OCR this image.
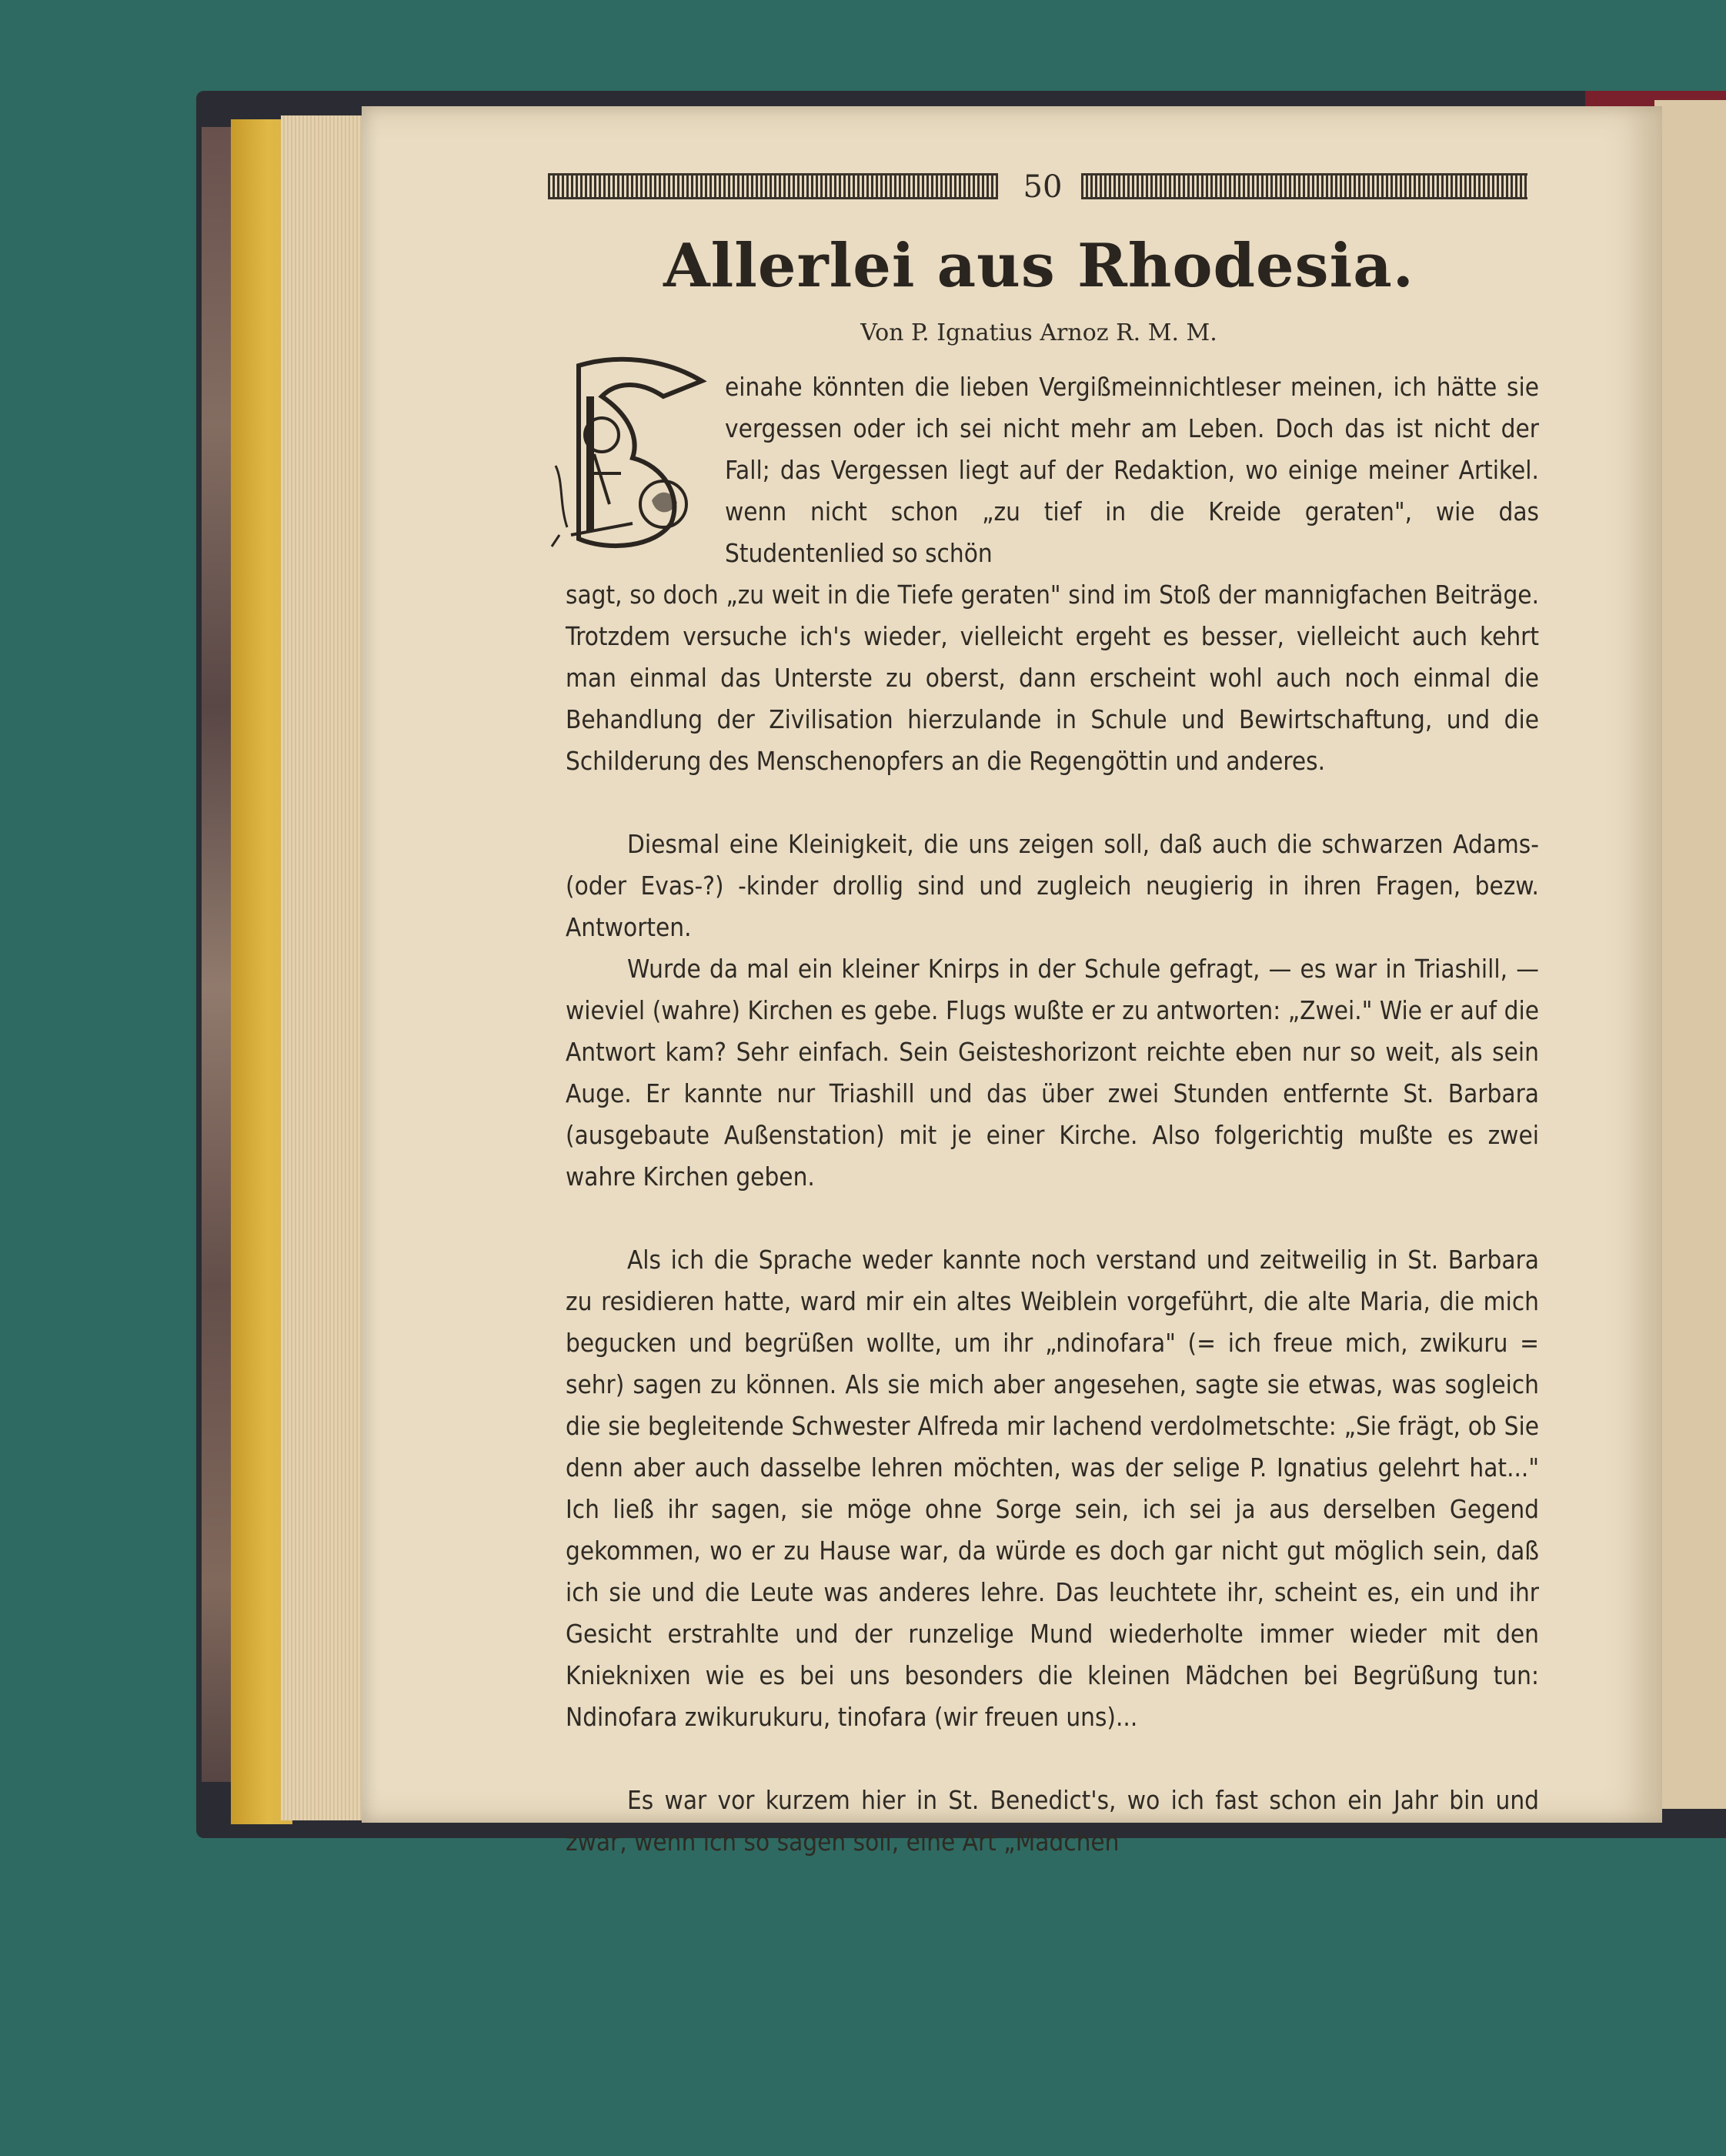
50
Allerlei aus Rhodesia.
Von P. Ignatius Arnoz R. M. M.

einahe könnten die lieben Vergißmeinnichtleser meinen, ich hätte sie vergessen oder ich sei nicht mehr am Leben. Doch das ist nicht der Fall; das Vergessen liegt auf der Redaktion, wo einige meiner Artikel. wenn nicht schon „zu tief in die Kreide geraten", wie das Studentenlied so schön

sagt, so doch „zu weit in die Tiefe geraten" sind im Stoß der mannigfachen Beiträge. Trotzdem versuche ich's wieder, vielleicht ergeht es besser, vielleicht auch kehrt man einmal das Unterste zu oberst, dann erscheint wohl auch noch einmal die Behandlung der Zivilisation hierzulande in Schule und Bewirtschaftung, und die Schilderung des Menschenopfers an die Regengöttin und anderes.

Diesmal eine Kleinigkeit, die uns zeigen soll, daß auch die schwarzen Adams- (oder Evas-?) -kinder drollig sind und zugleich neugierig in ihren Fragen, bezw. Antworten.

Wurde da mal ein kleiner Knirps in der Schule gefragt, — es war in Triashill, — wieviel (wahre) Kirchen es gebe. Flugs wußte er zu antworten: „Zwei." Wie er auf die Antwort kam? Sehr einfach. Sein Geisteshorizont reichte eben nur so weit, als sein Auge. Er kannte nur Triashill und das über zwei Stunden entfernte St. Barbara (ausgebaute Außenstation) mit je einer Kirche. Also folgerichtig mußte es zwei wahre Kirchen geben.

Als ich die Sprache weder kannte noch verstand und zeitweilig in St. Barbara zu residieren hatte, ward mir ein altes Weiblein vorgeführt, die alte Maria, die mich begucken und begrüßen wollte, um ihr „ndinofara" (= ich freue mich, zwikuru = sehr) sagen zu können. Als sie mich aber angesehen, sagte sie etwas, was sogleich die sie begleitende Schwester Alfreda mir lachend verdolmetschte: „Sie frägt, ob Sie denn aber auch dasselbe lehren möchten, was der selige P. Ignatius gelehrt hat..." Ich ließ ihr sagen, sie möge ohne Sorge sein, ich sei ja aus derselben Gegend gekommen, wo er zu Hause war, da würde es doch gar nicht gut möglich sein, daß ich sie und die Leute was anderes lehre. Das leuchtete ihr, scheint es, ein und ihr Gesicht erstrahlte und der runzelige Mund wiederholte immer wieder mit den Knieknixen wie es bei uns besonders die kleinen Mädchen bei Begrüßung tun: Ndinofara zwikurukuru, tinofara (wir freuen uns)...

Es war vor kurzem hier in St. Benedict's, wo ich fast schon ein Jahr bin und zwar, wenn ich so sagen soll, eine Art „Mädchen
